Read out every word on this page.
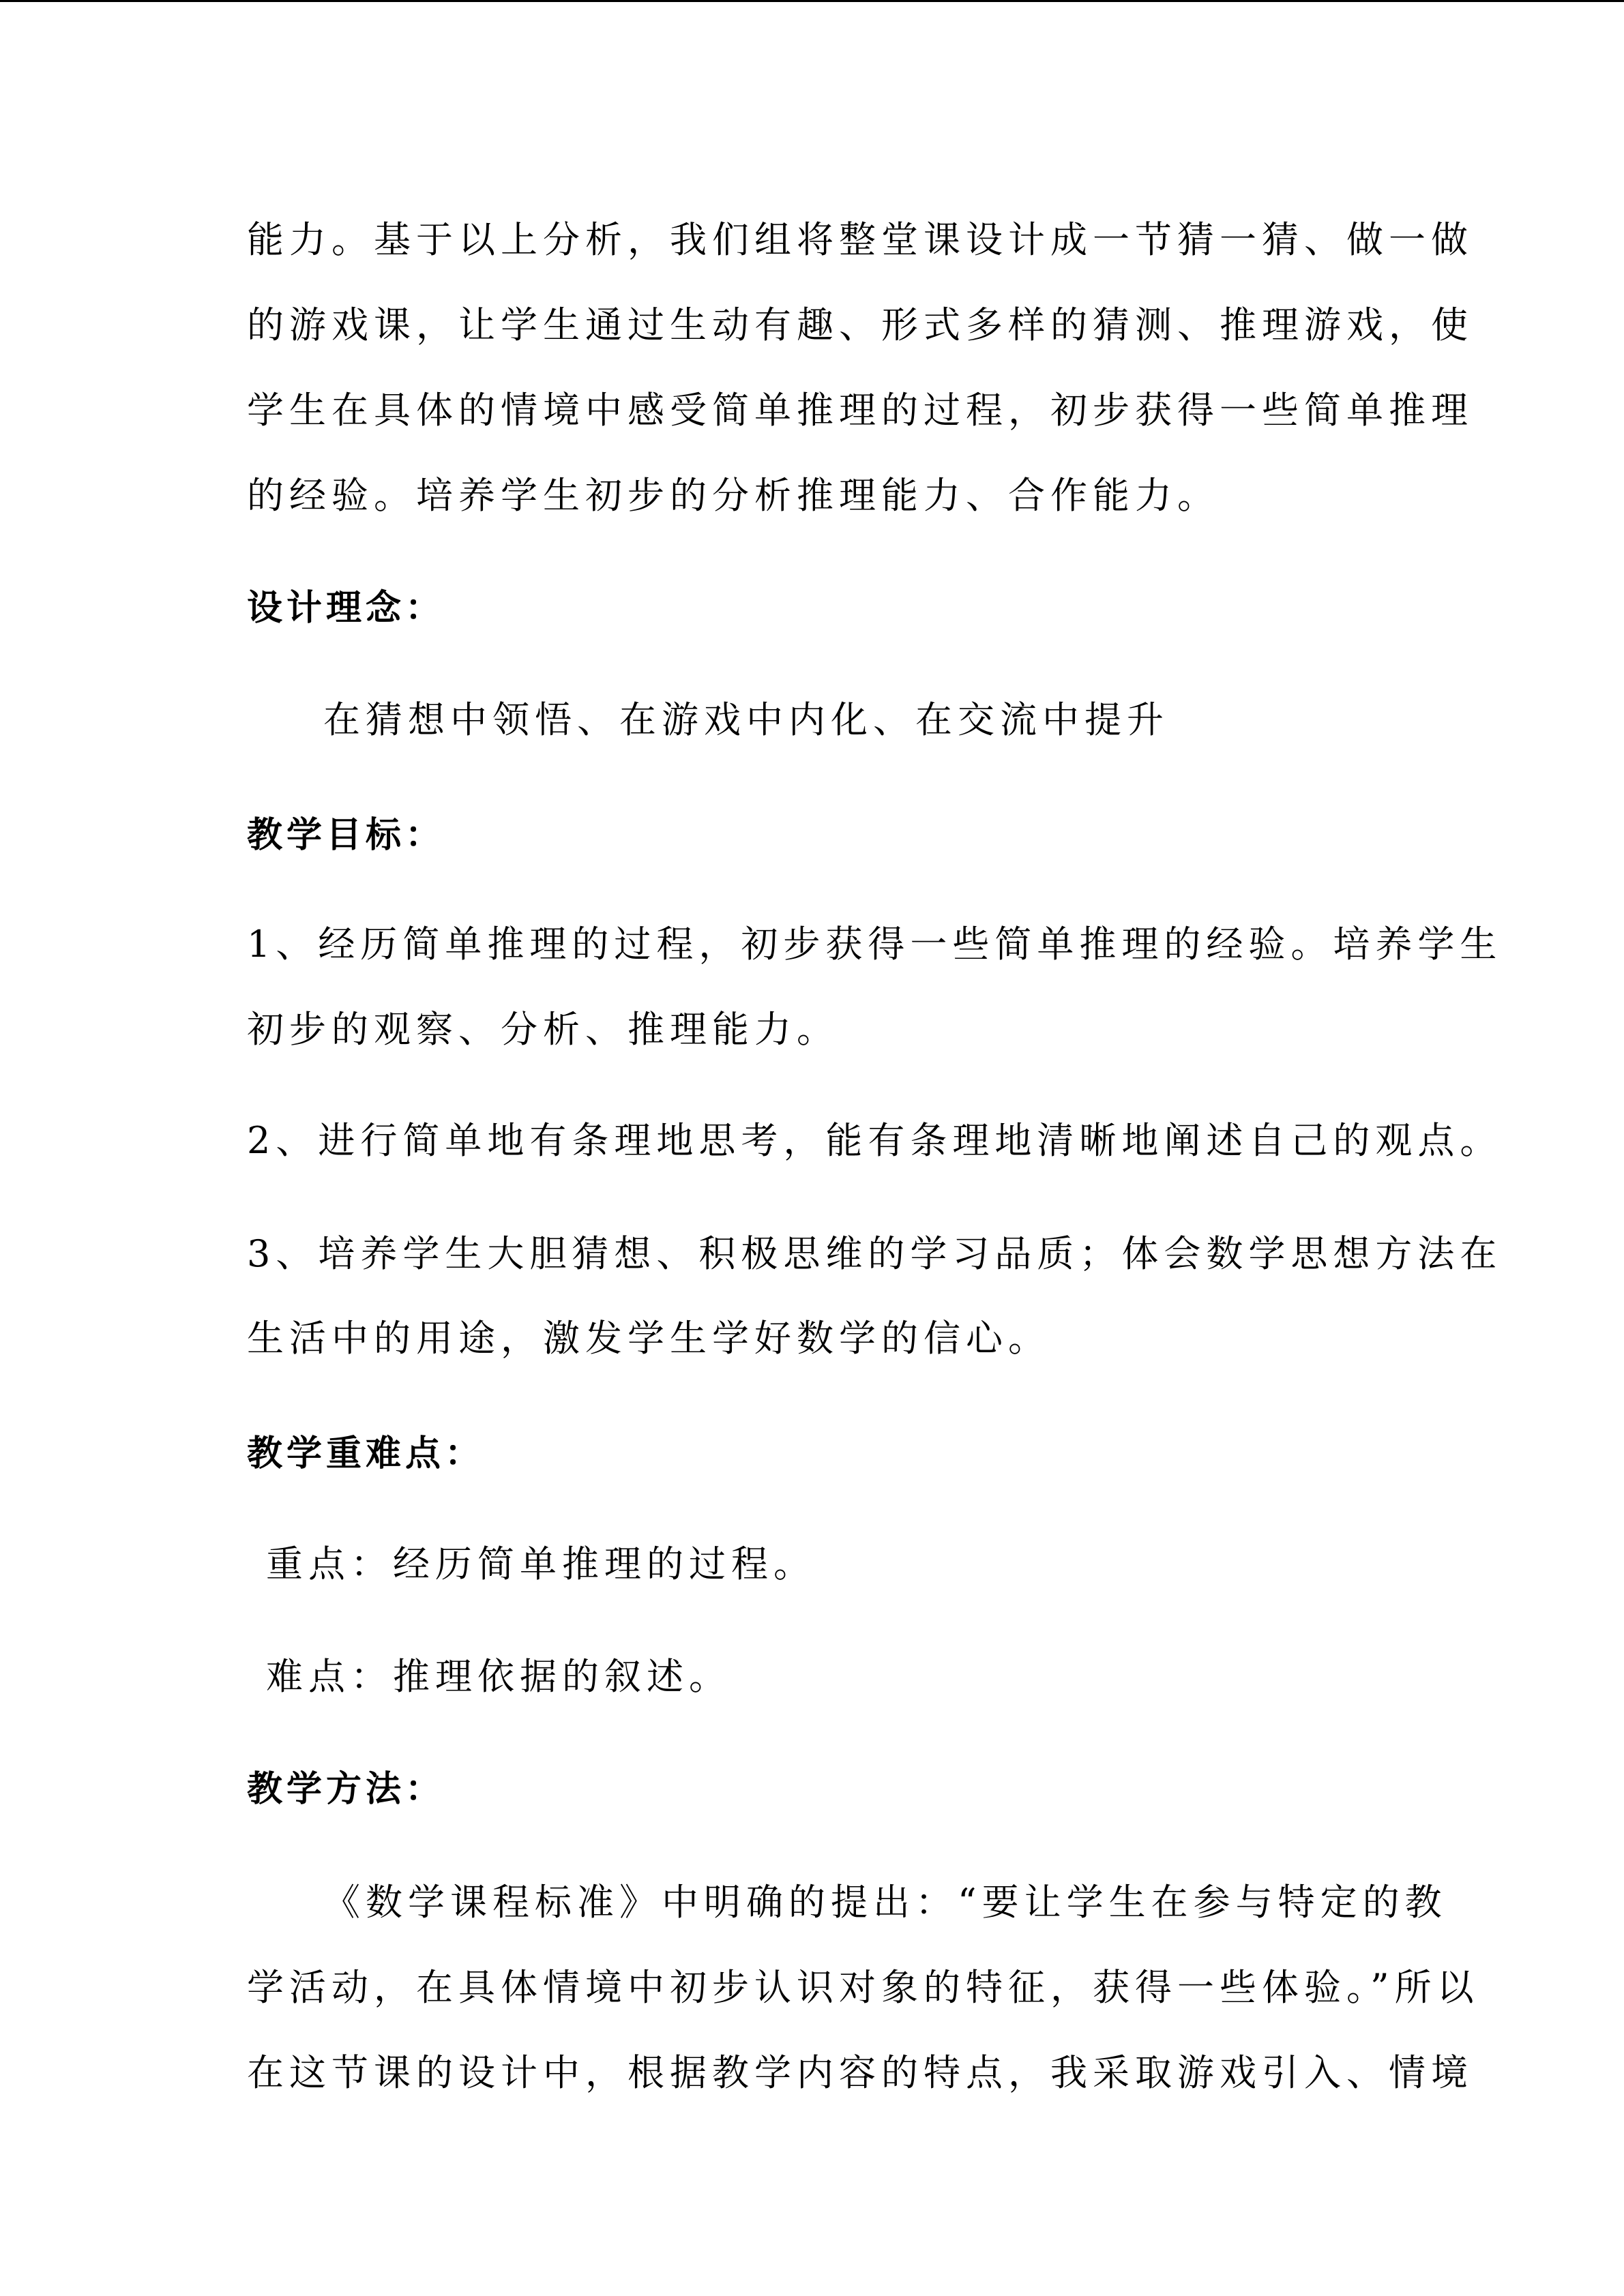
能力。基于以上分析，我们组将整堂课设计成一节猜一猜、做一做
的游戏课，让学生通过生动有趣、形式多样的猜测、推理游戏，使
学生在具体的情境中感受简单推理的过程，初步获得一些简单推理
的经验。培养学生初步的分析推理能力、合作能力。
设计理念：
在猜想中领悟、在游戏中内化、在交流中提升
教学目标：
1、经历简单推理的过程，初步获得一些简单推理的经验。培养学生
初步的观察、分析、推理能力。
2、进行简单地有条理地思考，能有条理地清晰地阐述自己的观点。
3、培养学生大胆猜想、积极思维的学习品质；体会数学思想方法在
生活中的用途，激发学生学好数学的信心。
教学重难点：
重点：经历简单推理的过程。
难点：推理依据的叙述。
教学方法：
《数学课程标准》中明确的提出：“要让学生在参与特定的教
学活动，在具体情境中初步认识对象的特征，获得一些体验。”所以
在这节课的设计中，根据教学内容的特点，我采取游戏引入、情境
